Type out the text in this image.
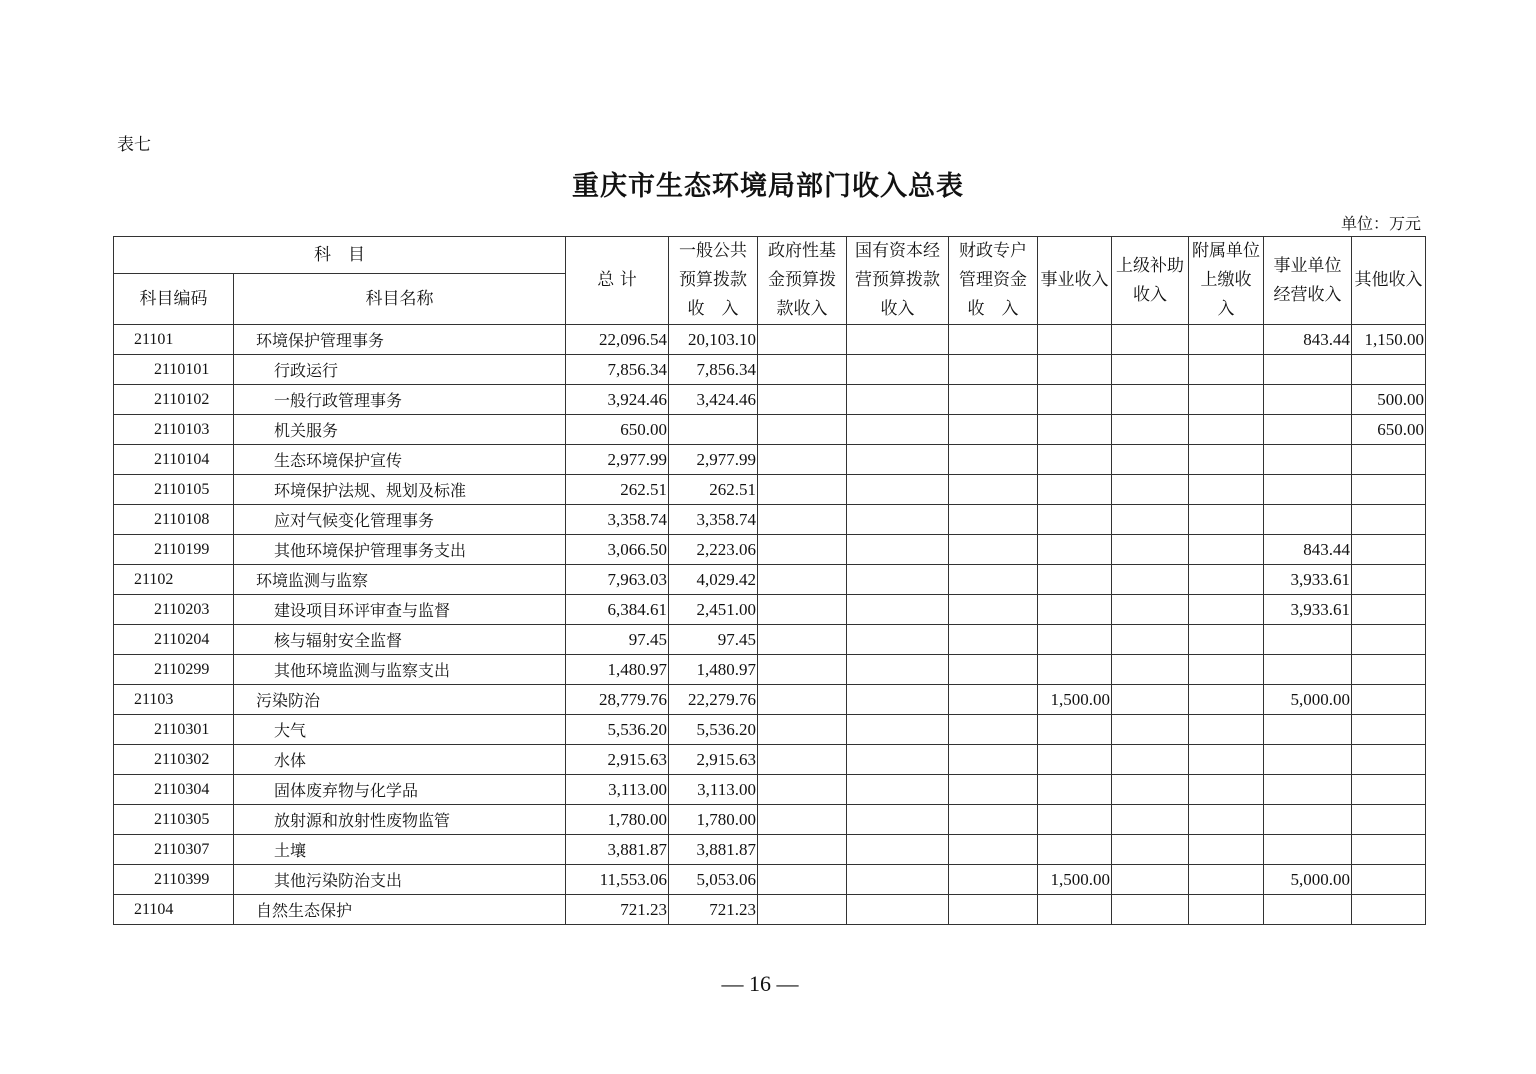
表七
重庆市生态环境局部门收入总表
单位：万元
科　目		总 计	一般公共预算拨款收　入	政府性基金预算拨款收入	国有资本经营预算拨款收入	财政专户管理资金收　入	事业收入	上级补助收入	附属单位上缴收　入	事业单位经营收入	其他收入
科目编码	科目名称										
21101	环境保护管理事务	22,096.54	20,103.10							843.44	1,150.00
2110101	行政运行	7,856.34	7,856.34								
2110102	一般行政管理事务	3,924.46	3,424.46								500.00
2110103	机关服务	650.00									650.00
2110104	生态环境保护宣传	2,977.99	2,977.99								
2110105	环境保护法规、规划及标准	262.51	262.51								
2110108	应对气候变化管理事务	3,358.74	3,358.74								
2110199	其他环境保护管理事务支出	3,066.50	2,223.06							843.44	
21102	环境监测与监察	7,963.03	4,029.42							3,933.61	
2110203	建设项目环评审查与监督	6,384.61	2,451.00							3,933.61	
2110204	核与辐射安全监督	97.45	97.45								
2110299	其他环境监测与监察支出	1,480.97	1,480.97								
21103	污染防治	28,779.76	22,279.76				1,500.00			5,000.00	
2110301	大气	5,536.20	5,536.20								
2110302	水体	2,915.63	2,915.63								
2110304	固体废弃物与化学品	3,113.00	3,113.00								
2110305	放射源和放射性废物监管	1,780.00	1,780.00								
2110307	土壤	3,881.87	3,881.87								
2110399	其他污染防治支出	11,553.06	5,053.06				1,500.00			5,000.00	
21104	自然生态保护	721.23	721.23								
— 16 —
